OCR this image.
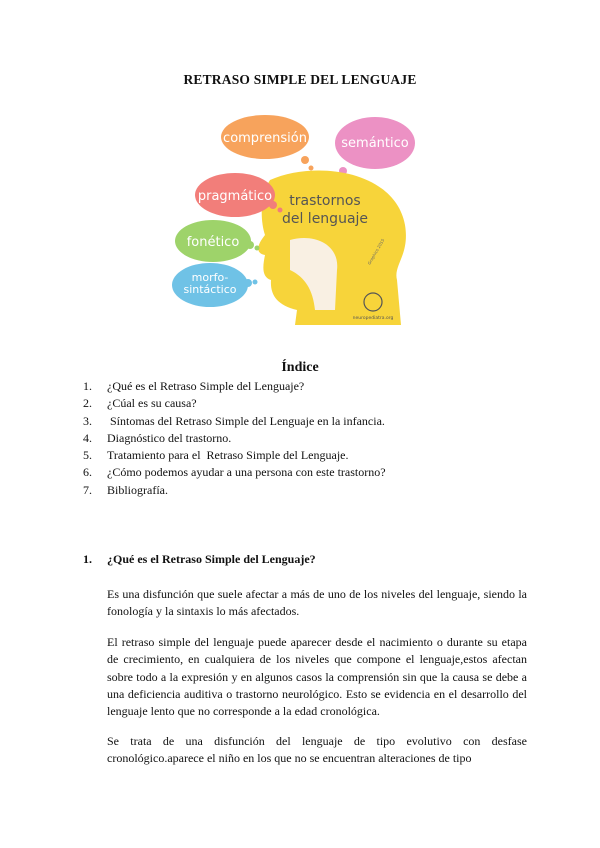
RETRASO SIMPLE DEL LENGUAJE
comprensión	semántico
trastornos
del lenguaje
Graphics 2015
neuropediatra.org
pragmático
fonético
morfo-sintáctico
Índice
1.	¿Qué es el Retraso Simple del Lenguaje?
2.	¿Cúal es su causa?
3.	Síntomas del Retraso Simple del Lenguaje en la infancia.
4.	Diagnóstico del trastorno.
5.	Tratamiento para el  Retraso Simple del Lenguaje.
6.	¿Cómo podemos ayudar a una persona con este trastorno?
7.	Bibliografía.
1.	¿Qué es el Retraso Simple del Lenguaje?
Es una disfunción que suele afectar a más de uno de los niveles del lenguaje, siendo la fonología y la sintaxis lo más afectados.
El retraso simple del lenguaje puede aparecer desde el nacimiento o durante su etapa de crecimiento, en cualquiera de los niveles que compone el lenguaje,estos afectan sobre todo a la expresión y en algunos casos la comprensión sin que la causa se debe a una deficiencia auditiva o trastorno neurológico. Esto se evidencia en el desarrollo del lenguaje lento que no corresponde a la edad cronológica.
Se trata de una disfunción del lenguaje de tipo evolutivo con desfase cronológico.aparece el niño en los que no se encuentran alteraciones de tipo
